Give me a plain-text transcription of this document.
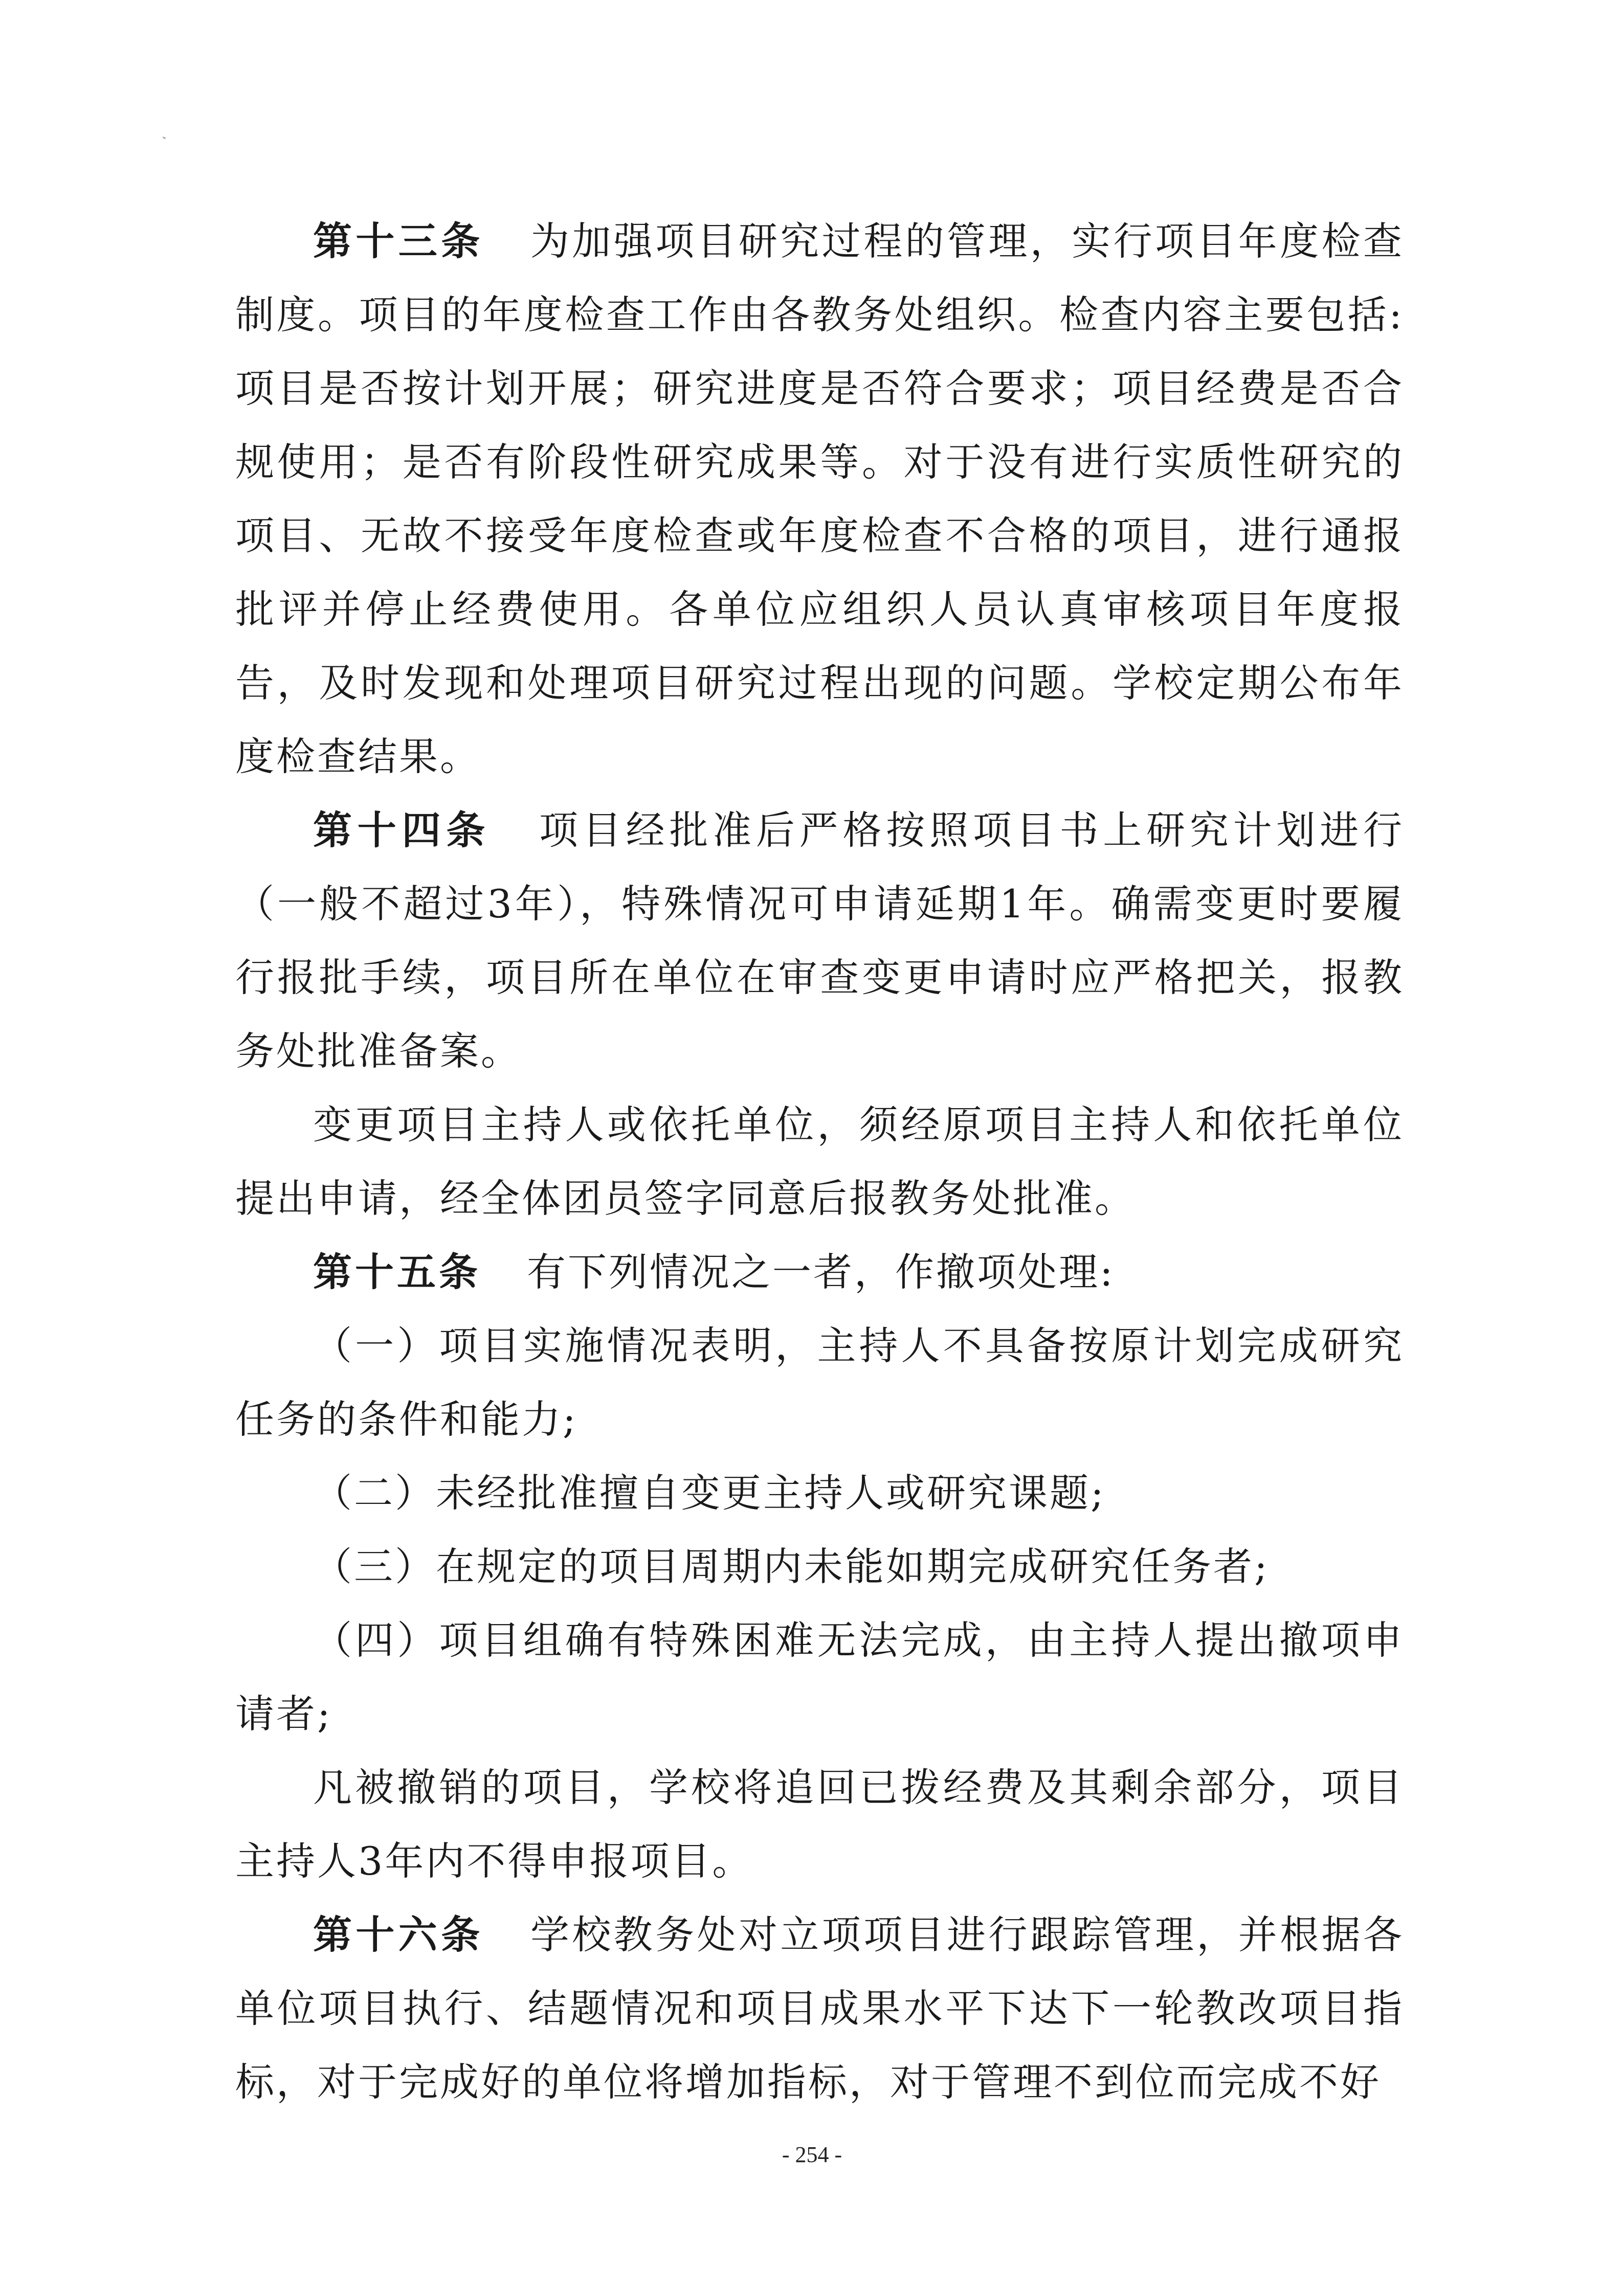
第十三条 为加强项目研究过程的管理，实行项目年度检查制度。项目的年度检查工作由各教务处组织。检查内容主要包括:项目是否按计划开展；研究进度是否符合要求；项目经费是否合规使用；是否有阶段性研究成果等。对于没有进行实质性研究的项目、无故不接受年度检查或年度检查不合格的项目，进行通报批评并停止经费使用。各单位应组织人员认真审核项目年度报告，及时发现和处理项目研究过程出现的问题。学校定期公布年度检查结果。

第十四条 项目经批准后严格按照项目书上研究计划进行（一般不超过3年），特殊情况可申请延期1年。确需变更时要履行报批手续，项目所在单位在审查变更申请时应严格把关，报教务处批准备案。

变更项目主持人或依托单位，须经原项目主持人和依托单位提出申请，经全体团员签字同意后报教务处批准。

第十五条 有下列情况之一者，作撤项处理:

（一）项目实施情况表明，主持人不具备按原计划完成研究任务的条件和能力;

（二）未经批准擅自变更主持人或研究课题;

（三）在规定的项目周期内未能如期完成研究任务者;

（四）项目组确有特殊困难无法完成，由主持人提出撤项申请者;

凡被撤销的项目，学校将追回已拨经费及其剩余部分，项目主持人3年内不得申报项目。

第十六条 学校教务处对立项项目进行跟踪管理，并根据各单位项目执行、结题情况和项目成果水平下达下一轮教改项目指标，对于完成好的单位将增加指标，对于管理不到位而完成不好

- 254 -
